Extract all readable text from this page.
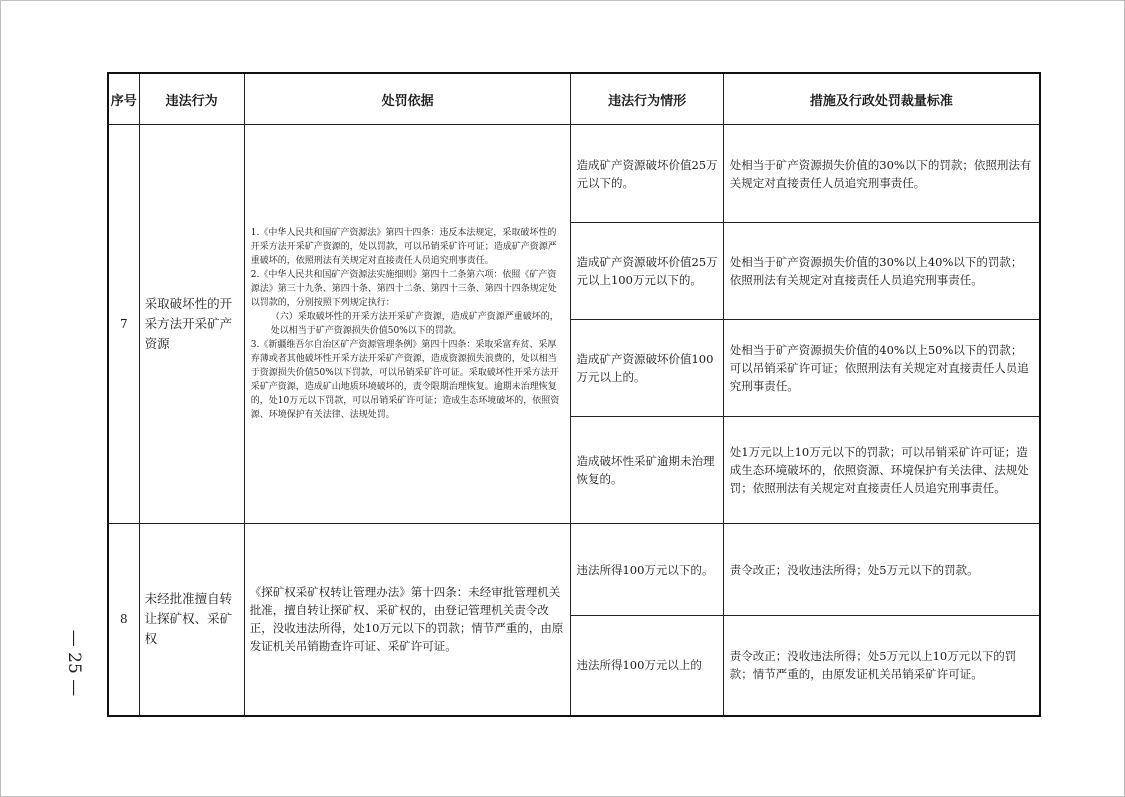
— 25 —
序号	违法行为	处罚依据	违法行为情形	措施及行政处罚裁量标准
7	采取破坏性的开采方法开采矿产资源	1.《中华人民共和国矿产资源法》第四十四条：违反本法规定，采取破坏性的开采方法开采矿产资源的，处以罚款，可以吊销采矿许可证；造成矿产资源严重破坏的，依照刑法有关规定对直接责任人员追究刑事责任。

2.《中华人民共和国矿产资源法实施细则》第四十二条第六项：依照《矿产资源法》第三十九条、第四十条、第四十二条、第四十三条、第四十四条规定处以罚款的，分别按照下列规定执行：

（六）采取破坏性的开采方法开采矿产资源，造成矿产资源严重破坏的，处以相当于矿产资源损失价值50%以下的罚款。

3.《新疆维吾尔自治区矿产资源管理条例》第四十四条：采取采富弃贫、采厚弃薄或者其他破坏性开采方法开采矿产资源，造成资源损失浪费的，处以相当于资源损失价值50%以下罚款，可以吊销采矿许可证。采取破坏性开采方法开采矿产资源，造成矿山地质环境破坏的，责令限期治理恢复。逾期未治理恢复的，处10万元以下罚款，可以吊销采矿许可证；造成生态环境破坏的，依照资源、环境保护有关法律、法规处罚。	造成矿产资源破坏价值25万元以下的。	处相当于矿产资源损失价值的30%以下的罚款；依照刑法有关规定对直接责任人员追究刑事责任。
			造成矿产资源破坏价值25万元以上100万元以下的。	处相当于矿产资源损失价值的30%以上40%以下的罚款；依照刑法有关规定对直接责任人员追究刑事责任。
			造成矿产资源破坏价值100万元以上的。	处相当于矿产资源损失价值的40%以上50%以下的罚款；可以吊销采矿许可证；依照刑法有关规定对直接责任人员追究刑事责任。
			造成破坏性采矿逾期未治理恢复的。	处1万元以上10万元以下的罚款；可以吊销采矿许可证；造成生态环境破坏的，依照资源、环境保护有关法律、法规处罚；依照刑法有关规定对直接责任人员追究刑事责任。
8	未经批准擅自转让探矿权、采矿权	《探矿权采矿权转让管理办法》第十四条：未经审批管理机关批准，擅自转让探矿权、采矿权的，由登记管理机关责令改正，没收违法所得，处10万元以下的罚款；情节严重的，由原发证机关吊销勘查许可证、采矿许可证。	违法所得100万元以下的。	责令改正；没收违法所得；处5万元以下的罚款。
			违法所得100万元以上的	责令改正；没收违法所得；处5万元以上10万元以下的罚款；情节严重的，由原发证机关吊销采矿许可证。
